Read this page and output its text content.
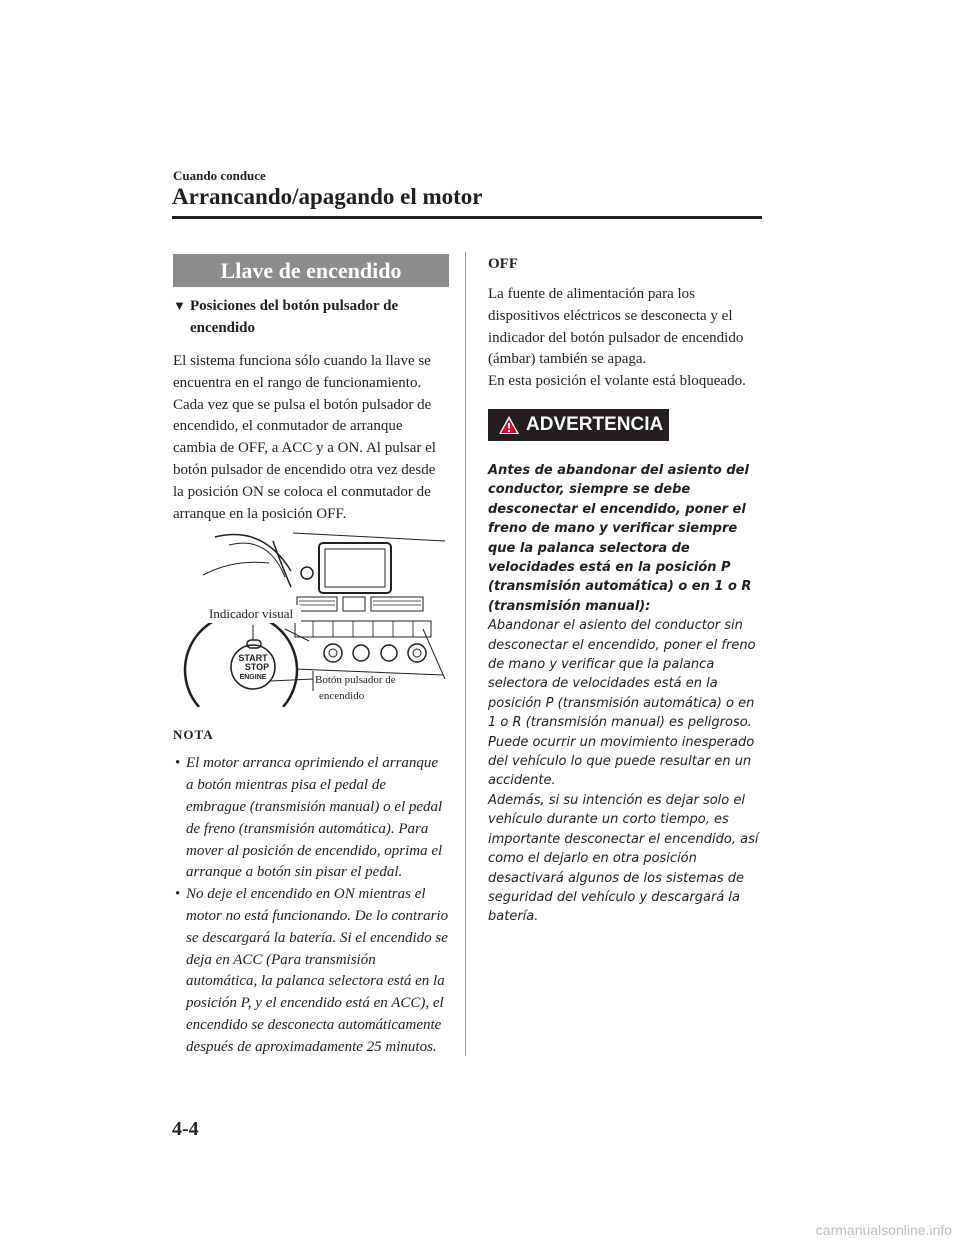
Cuando conduce
Arrancando/apagando el motor
Llave de encendido
▼ Posiciones del botón pulsador de encendido

El sistema funciona sólo cuando la llave se encuentra en el rango de funcionamiento. Cada vez que se pulsa el botón pulsador de encendido, el conmutador de arranque cambia de OFF, a ACC y a ON. Al pulsar el botón pulsador de encendido otra vez desde la posición ON se coloca el conmutador de arranque en la posición OFF.

START
STOP
ENGINE
Indicador visual
Botón pulsador de
encendido
NOTA
• El motor arranca oprimiendo el arranque a botón mientras pisa el pedal de embrague (transmisión manual) o el pedal de freno (transmisión automática). Para mover al posición de encendido, oprima el arranque a botón sin pisar el pedal.
• No deje el encendido en ON mientras el motor no está funcionando. De lo contrario se descargará la batería. Si el encendido se deja en ACC (Para transmisión automática, la palanca selectora está en la posición P, y el encendido está en ACC), el encendido se desconecta automáticamente después de aproximadamente 25 minutos.

OFF

La fuente de alimentación para los dispositivos eléctricos se desconecta y el indicador del botón pulsador de encendido (ámbar) también se apaga.

En esta posición el volante está bloqueado.

ADVERTENCIA

Antes de abandonar del asiento del conductor, siempre se debe desconectar el encendido, poner el freno de mano y verificar siempre que la palanca selectora de velocidades está en la posición P (transmisión automática) o en 1 o R (transmisión manual):
Abandonar el asiento del conductor sin desconectar el encendido, poner el freno de mano y verificar que la palanca selectora de velocidades está en la posición P (transmisión automática) o en 1 o R (transmisión manual) es peligroso. Puede ocurrir un movimiento inesperado del vehículo lo que puede resultar en un accidente.
Además, si su intención es dejar solo el vehículo durante un corto tiempo, es importante desconectar el encendido, así como el dejarlo en otra posición desactivará algunos de los sistemas de seguridad del vehículo y descargará la batería.

4-4
carmanualsonline.info
